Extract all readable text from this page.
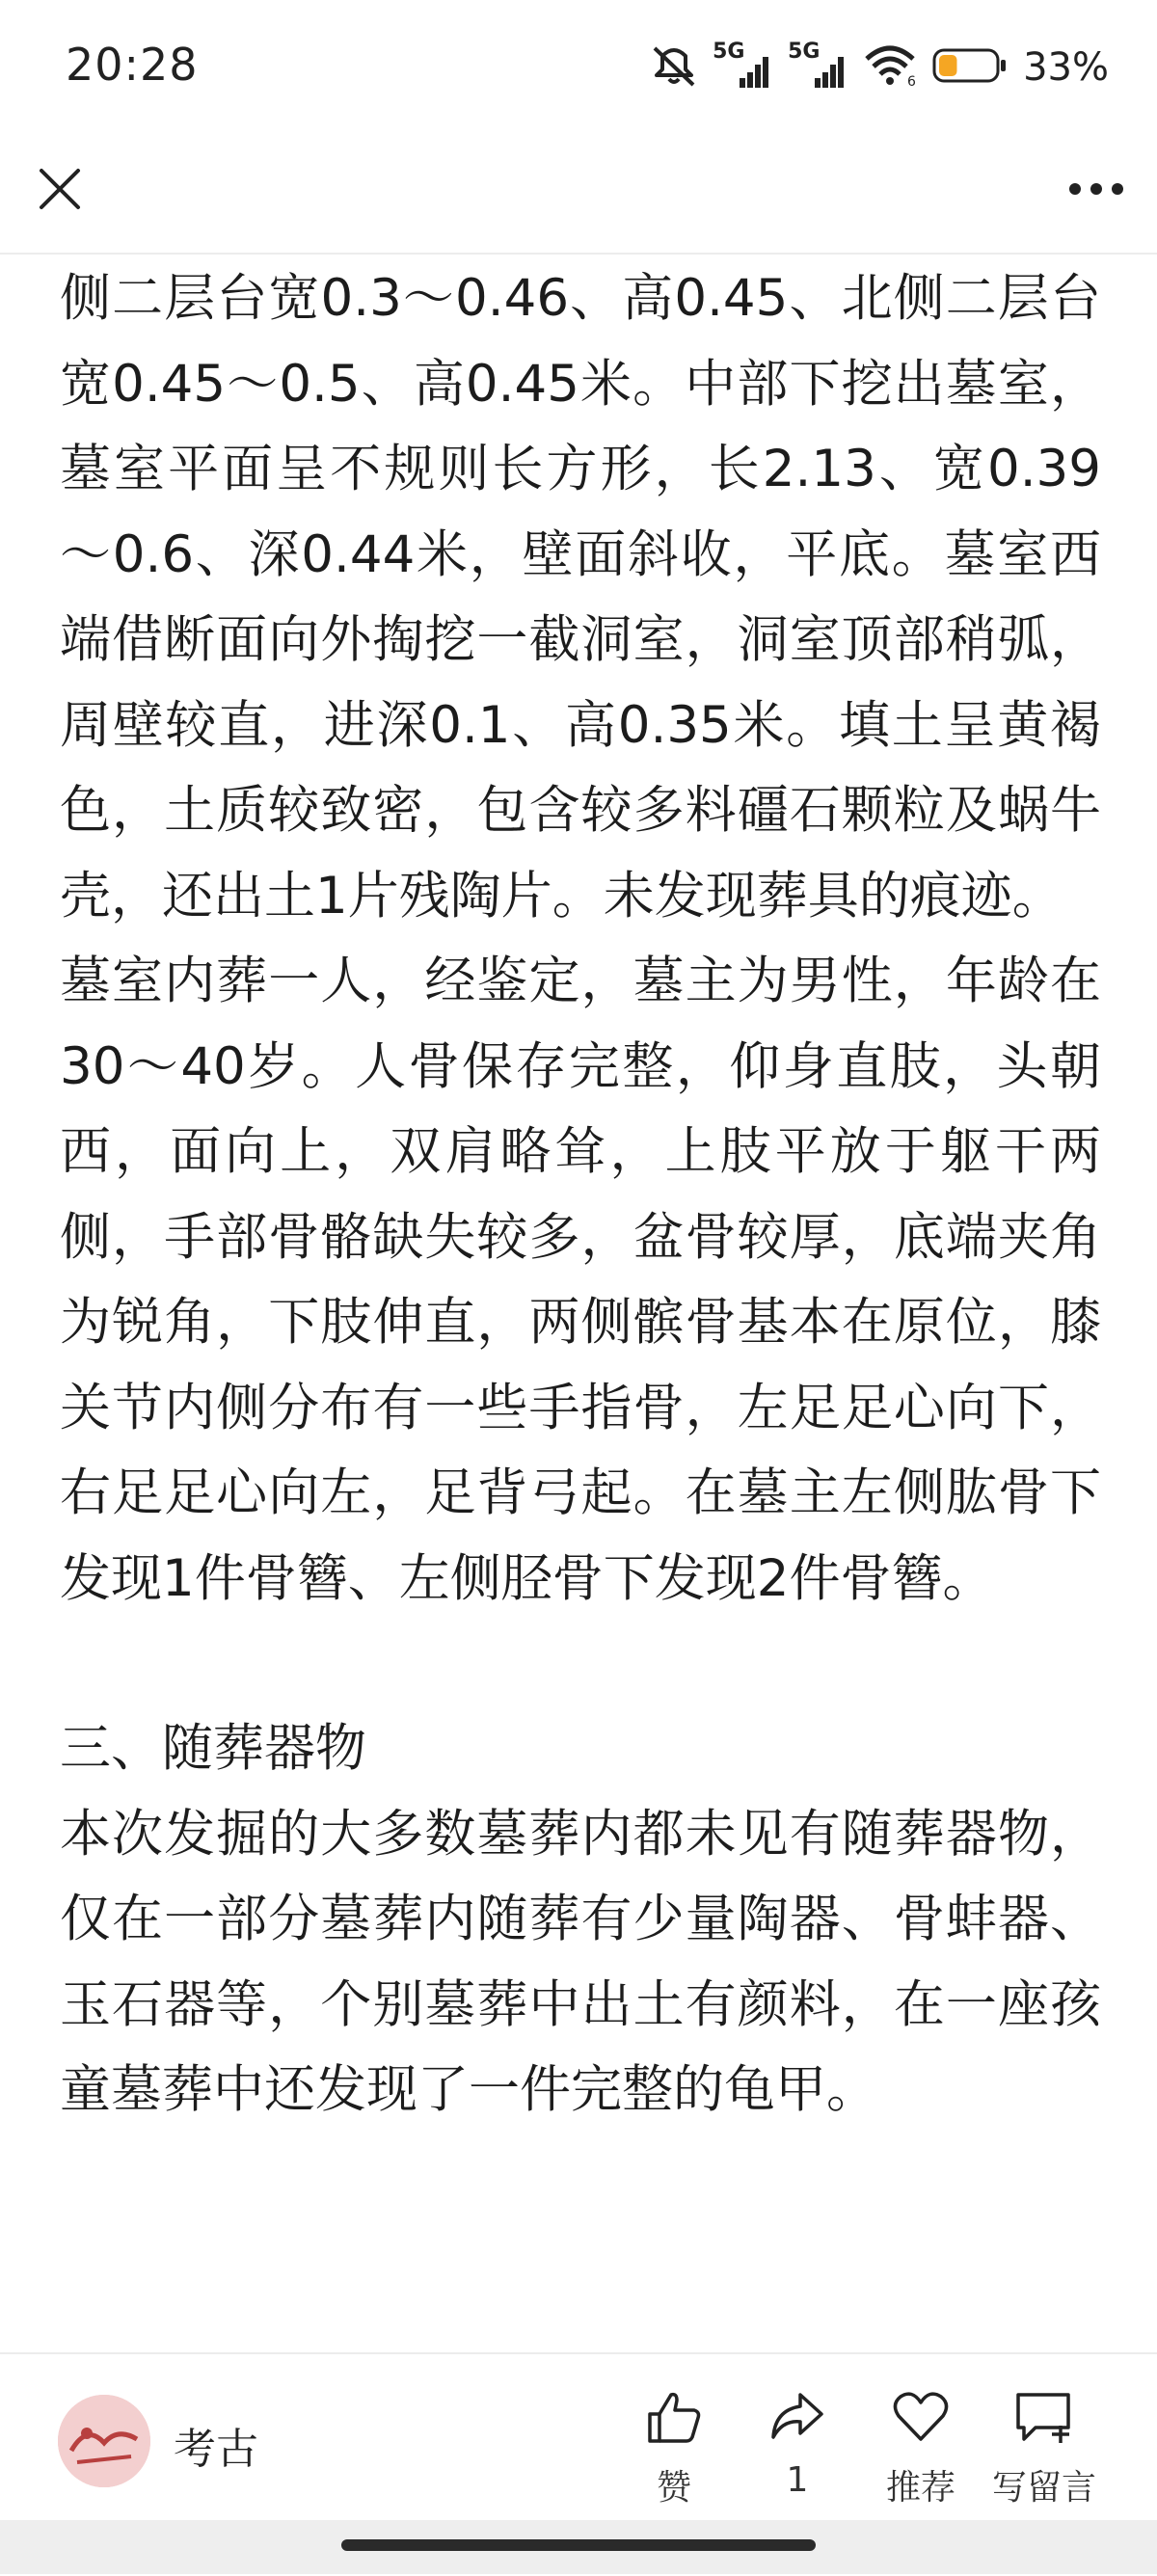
20:28	5G 5G
6	33%

侧二层台宽0.3～0.46、高0.45、北侧二层台宽0.45～0.5、高0.45米。中部下挖出墓室，墓室平面呈不规则长方形，长2.13、宽0.39～0.6、深0.44米，壁面斜收，平底。墓室西端借断面向外掏挖一截洞室，洞室顶部稍弧，周壁较直，进深0.1、高0.35米。填土呈黄褐色，土质较致密，包含较多料礓石颗粒及蜗牛壳，还出土1片残陶片。未发现葬具的痕迹。

墓室内葬一人，经鉴定，墓主为男性，年龄在30～40岁。人骨保存完整，仰身直肢，头朝西，面向上，双肩略耸，上肢平放于躯干两侧，手部骨骼缺失较多，盆骨较厚，底端夹角为锐角，下肢伸直，两侧髌骨基本在原位，膝关节内侧分布有一些手指骨，左足足心向下，右足足心向左，足背弓起。在墓主左侧肱骨下发现1件骨簪、左侧胫骨下发现2件骨簪。

三、随葬器物

本次发掘的大多数墓葬内都未见有随葬器物，仅在一部分墓葬内随葬有少量陶器、骨蚌器、玉石器等，个别墓葬中出土有颜料，在一座孩童墓葬中还发现了一件完整的龟甲。

考古
赞	1	推荐	写留言
